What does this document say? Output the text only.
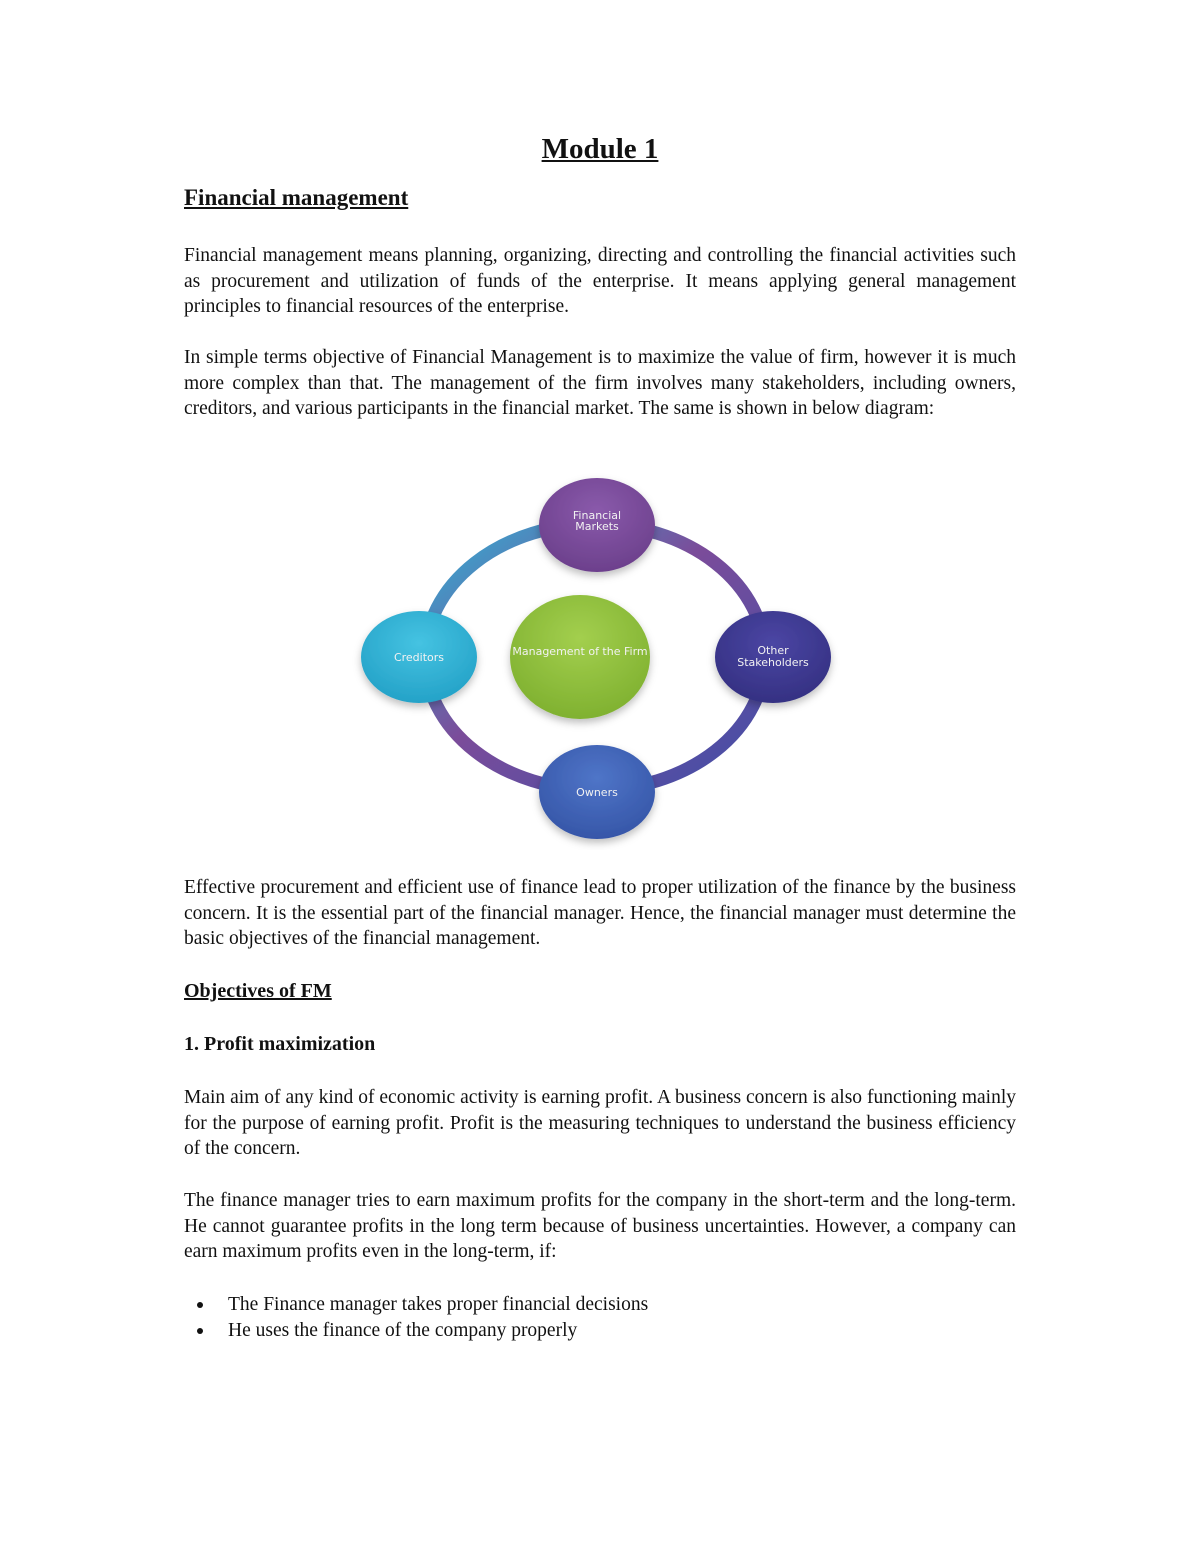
Module 1
Financial management

Financial management means planning, organizing, directing and controlling the financial activities such as procurement and utilization of funds of the enterprise. It means applying general management principles to financial resources of the enterprise.

In simple terms objective of Financial Management is to maximize the value of firm, however it is much more complex than that. The management of the firm involves many stakeholders, including owners, creditors, and various participants in the financial market. The same is shown in below diagram:

Management of the Firm
Financial
Markets
Creditors
Other
Stakeholders
Owners

Effective procurement and efficient use of finance lead to proper utilization of the finance by the business concern. It is the essential part of the financial manager. Hence, the financial manager must determine the basic objectives of the financial management.

Objectives of FM
1. Profit maximization

Main aim of any kind of economic activity is earning profit. A business concern is also functioning mainly for the purpose of earning profit. Profit is the measuring techniques to understand the business efficiency of the concern.

The finance manager tries to earn maximum profits for the company in the short-term and the long-term. He cannot guarantee profits in the long term because of business uncertainties. However, a company can earn maximum profits even in the long-term, if:

The Finance manager takes proper financial decisions
He uses the finance of the company properly
